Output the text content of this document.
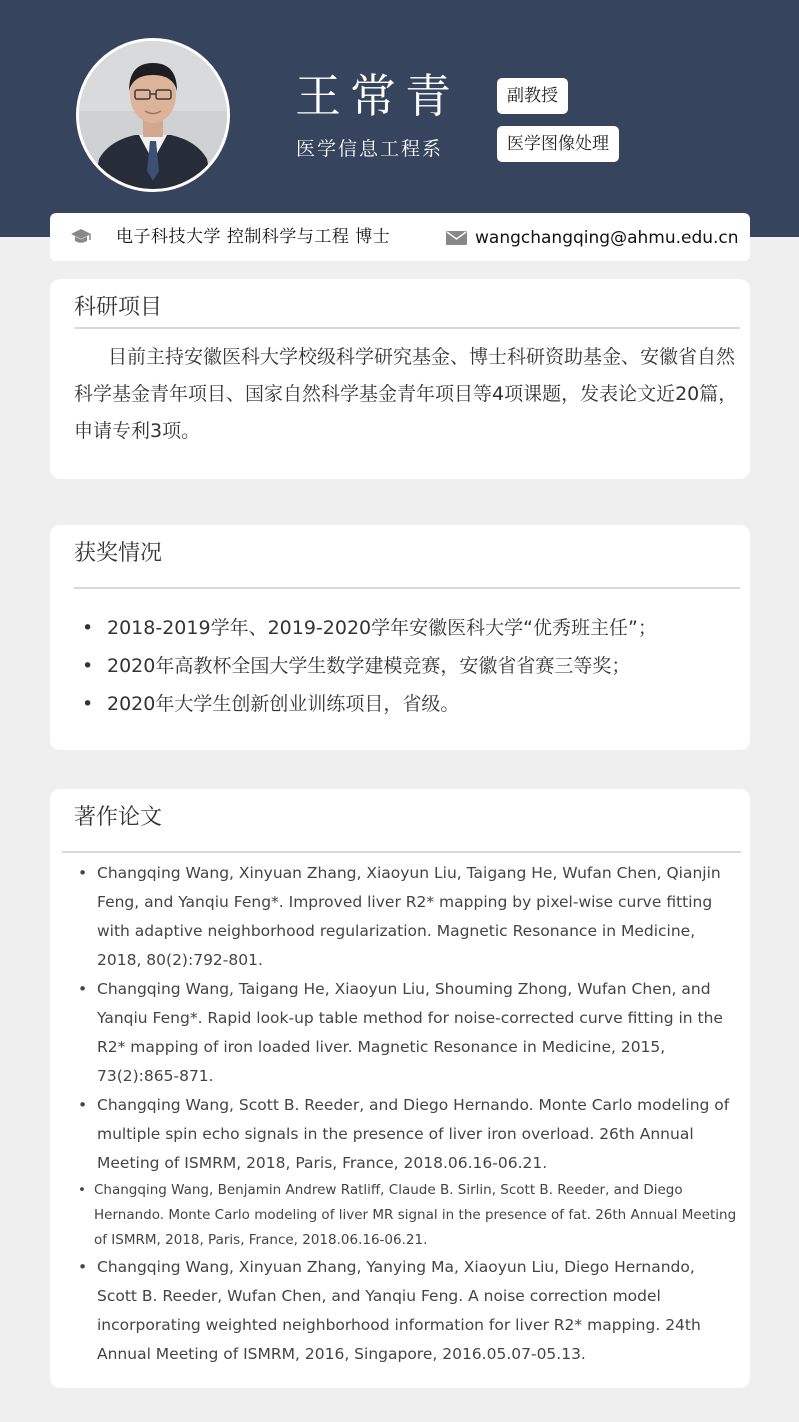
王常青
医学信息工程系
副教授
医学图像处理
电子科技大学 控制科学与工程 博士	wangchangqing@ahmu.edu.cn
科研项目

目前主持安徽医科大学校级科学研究基金、博士科研资助基金、安徽省自然科学基金青年项目、国家自然科学基金青年项目等4项课题，发表论文近20篇，申请专利3项。

获奖情况
• 2018-2019学年、2019-2020学年安徽医科大学“优秀班主任”；
• 2020年高教杯全国大学生数学建模竞赛，安徽省省赛三等奖；
• 2020年大学生创新创业训练项目，省级。
著作论文
• Changqing Wang, Xinyuan Zhang, Xiaoyun Liu, Taigang He, Wufan Chen, Qianjin Feng, and Yanqiu Feng*. Improved liver R2* mapping by pixel-wise curve fitting with adaptive neighborhood regularization. Magnetic Resonance in Medicine, 2018, 80(2):792-801.
• Changqing Wang, Taigang He, Xiaoyun Liu, Shouming Zhong, Wufan Chen, and Yanqiu Feng*. Rapid look-up table method for noise-corrected curve fitting in the R2* mapping of iron loaded liver. Magnetic Resonance in Medicine, 2015, 73(2):865-871.
• Changqing Wang, Scott B. Reeder, and Diego Hernando. Monte Carlo modeling of multiple spin echo signals in the presence of liver iron overload. 26th Annual Meeting of ISMRM, 2018, Paris, France, 2018.06.16-06.21.
• Changqing Wang, Benjamin Andrew Ratliff, Claude B. Sirlin, Scott B. Reeder, and Diego Hernando. Monte Carlo modeling of liver MR signal in the presence of fat. 26th Annual Meeting of ISMRM, 2018, Paris, France, 2018.06.16-06.21.
• Changqing Wang, Xinyuan Zhang, Yanying Ma, Xiaoyun Liu, Diego Hernando, Scott B. Reeder, Wufan Chen, and Yanqiu Feng. A noise correction model incorporating weighted neighborhood information for liver R2* mapping. 24th Annual Meeting of ISMRM, 2016, Singapore, 2016.05.07-05.13.
